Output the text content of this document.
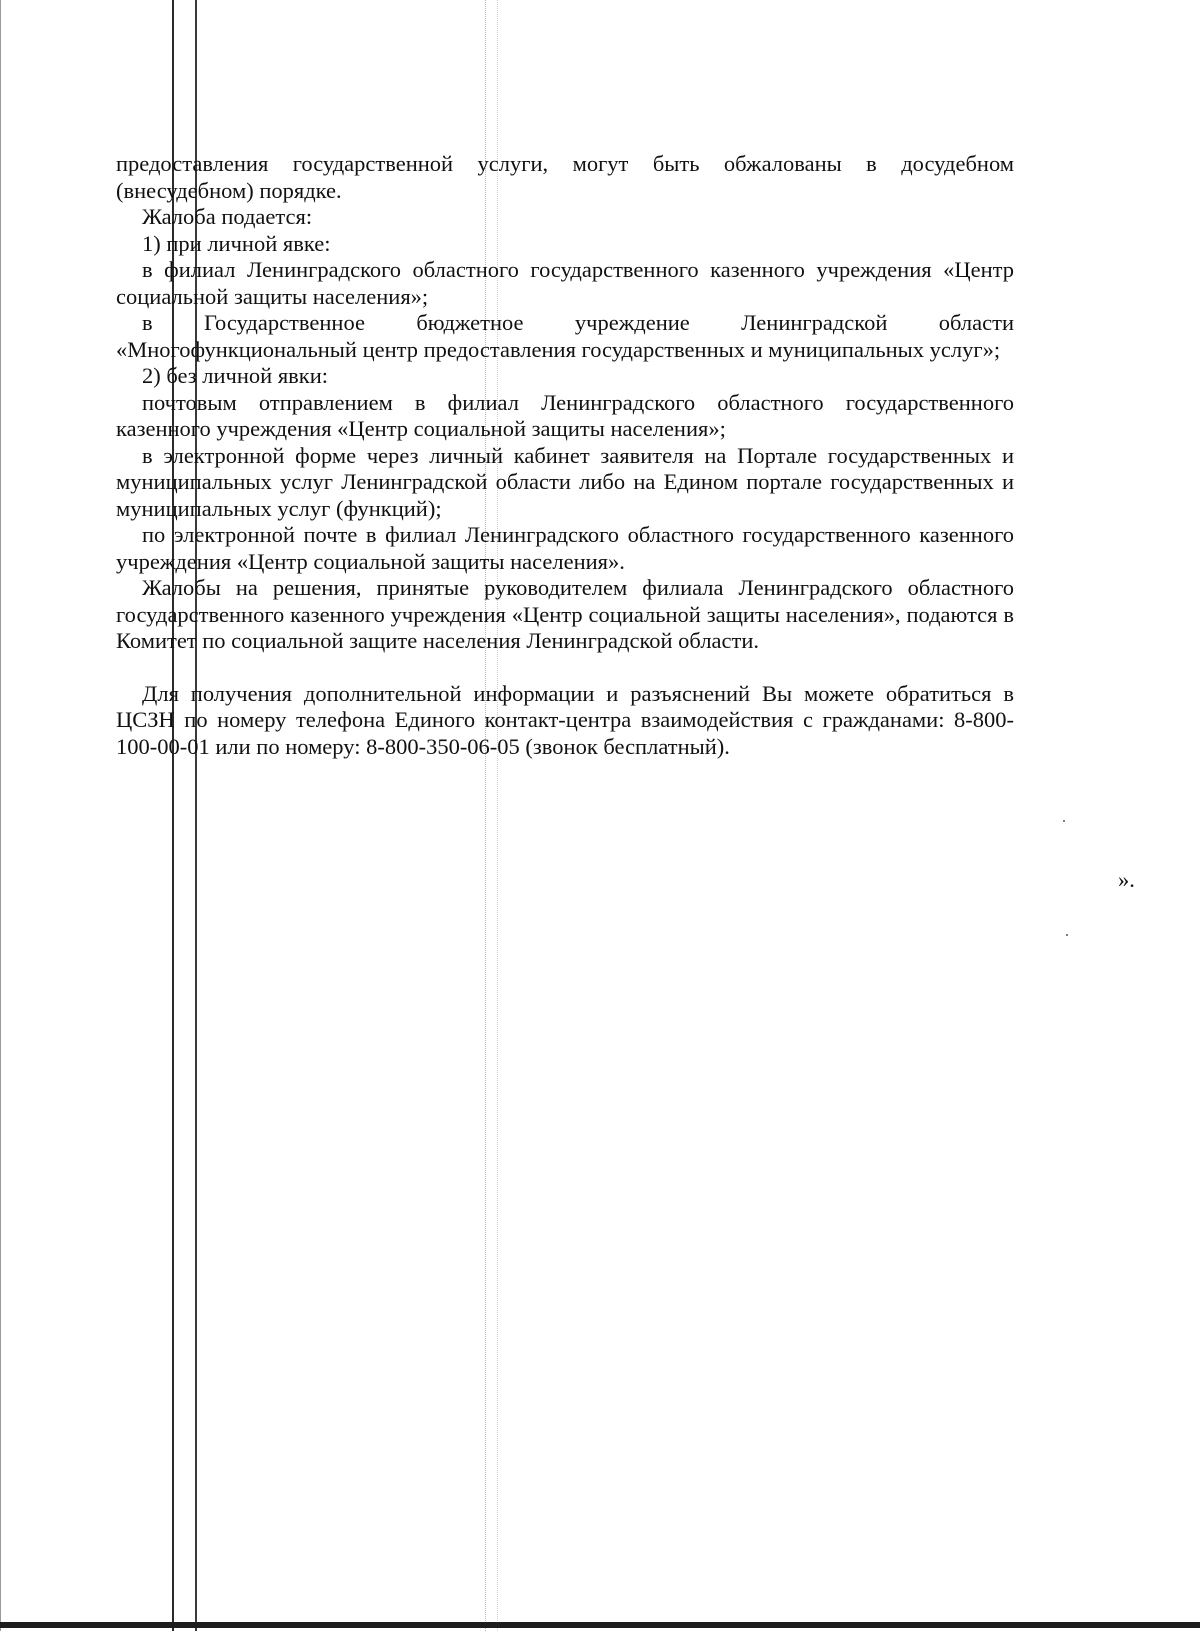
предоставления государственной услуги, могут быть обжалованы в досудебном (внесудебном) порядке.

Жалоба подается:

1) при личной явке:

в филиал Ленинградского областного государственного казенного учреждения «Центр социальной защиты населения»;

в Государственное бюджетное учреждение Ленинградской области «Многофункциональный центр предоставления государственных и муниципальных услуг»;

2) без личной явки:

почтовым отправлением в филиал Ленинградского областного государственного казенного учреждения «Центр социальной защиты населения»;

в электронной форме через личный кабинет заявителя на Портале государственных и муниципальных услуг Ленинградской области либо на Едином портале государственных и муниципальных услуг (функций);

по электронной почте в филиал Ленинградского областного государственного казенного учреждения «Центр социальной защиты населения».

Жалобы на решения, принятые руководителем филиала Ленинградского областного государственного казенного учреждения «Центр социальной защиты населения», подаются в Комитет по социальной защите населения Ленинградской области.

Для получения дополнительной информации и разъяснений Вы можете обратиться в ЦСЗН по номеру телефона Единого контакт-центра взаимодействия с гражданами: 8-800-100-00-01 или по номеру: 8-800-350-06-05 (звонок бесплатный).

».
